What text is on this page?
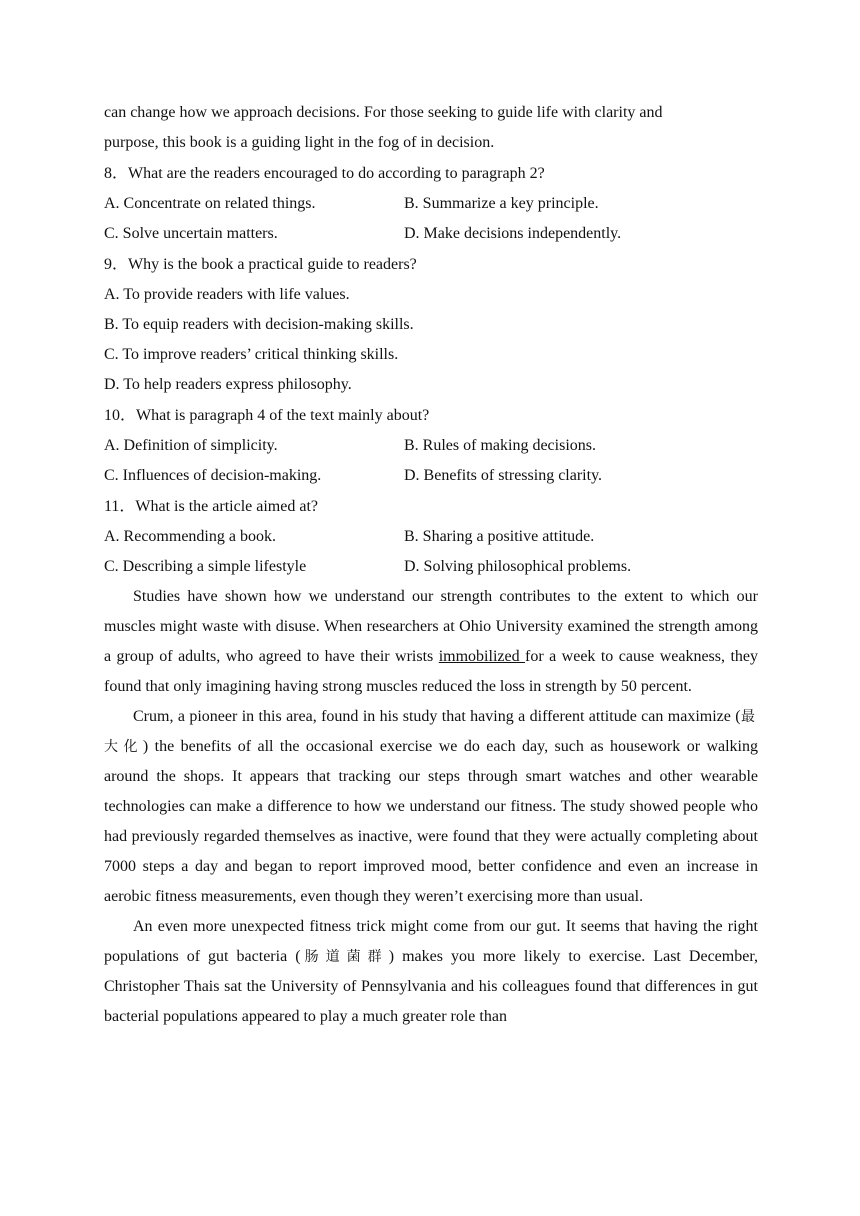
can change how we approach decisions. For those seeking to guide life with clarity and
purpose, this book is a guiding light in the fog of in decision.
8．What are the readers encouraged to do according to paragraph 2?
A. Concentrate on related things.	B. Summarize a key principle.
C. Solve uncertain matters.	D. Make decisions independently.
9．Why is the book a practical guide to readers?
A. To provide readers with life values.
B. To equip readers with decision-making skills.
C. To improve readers’ critical thinking skills.
D. To help readers express philosophy.
10．What is paragraph 4 of the text mainly about?
A. Definition of simplicity.	B. Rules of making decisions.
C. Influences of decision-making.	D. Benefits of stressing clarity.
11．What is the article aimed at?
A. Recommending a book.	B. Sharing a positive attitude.
C. Describing a simple lifestyle	D. Solving philosophical problems.

Studies have shown how we understand our strength contributes to the extent to which our muscles might waste with disuse. When researchers at Ohio University examined the strength among a group of adults, who agreed to have their wrists immobilized for a week to cause weakness, they found that only imagining having strong muscles reduced the loss in strength by 50 percent.

Crum, a pioneer in this area, found in his study that having a different attitude can maximize (最大化) the benefits of all the occasional exercise we do each day, such as housework or walking around the shops. It appears that tracking our steps through smart watches and other wearable technologies can make a difference to how we understand our fitness. The study showed people who had previously regarded themselves as inactive, were found that they were actually completing about 7000 steps a day and began to report improved mood, better confidence and even an increase in aerobic fitness measurements, even though they weren’t exercising more than usual.

An even more unexpected fitness trick might come from our gut. It seems that having the right populations of gut bacteria (肠道菌群) makes you more likely to exercise. Last December, Christopher Thais sat the University of Pennsylvania and his colleagues found that differences in gut bacterial populations appeared to play a much greater role than
